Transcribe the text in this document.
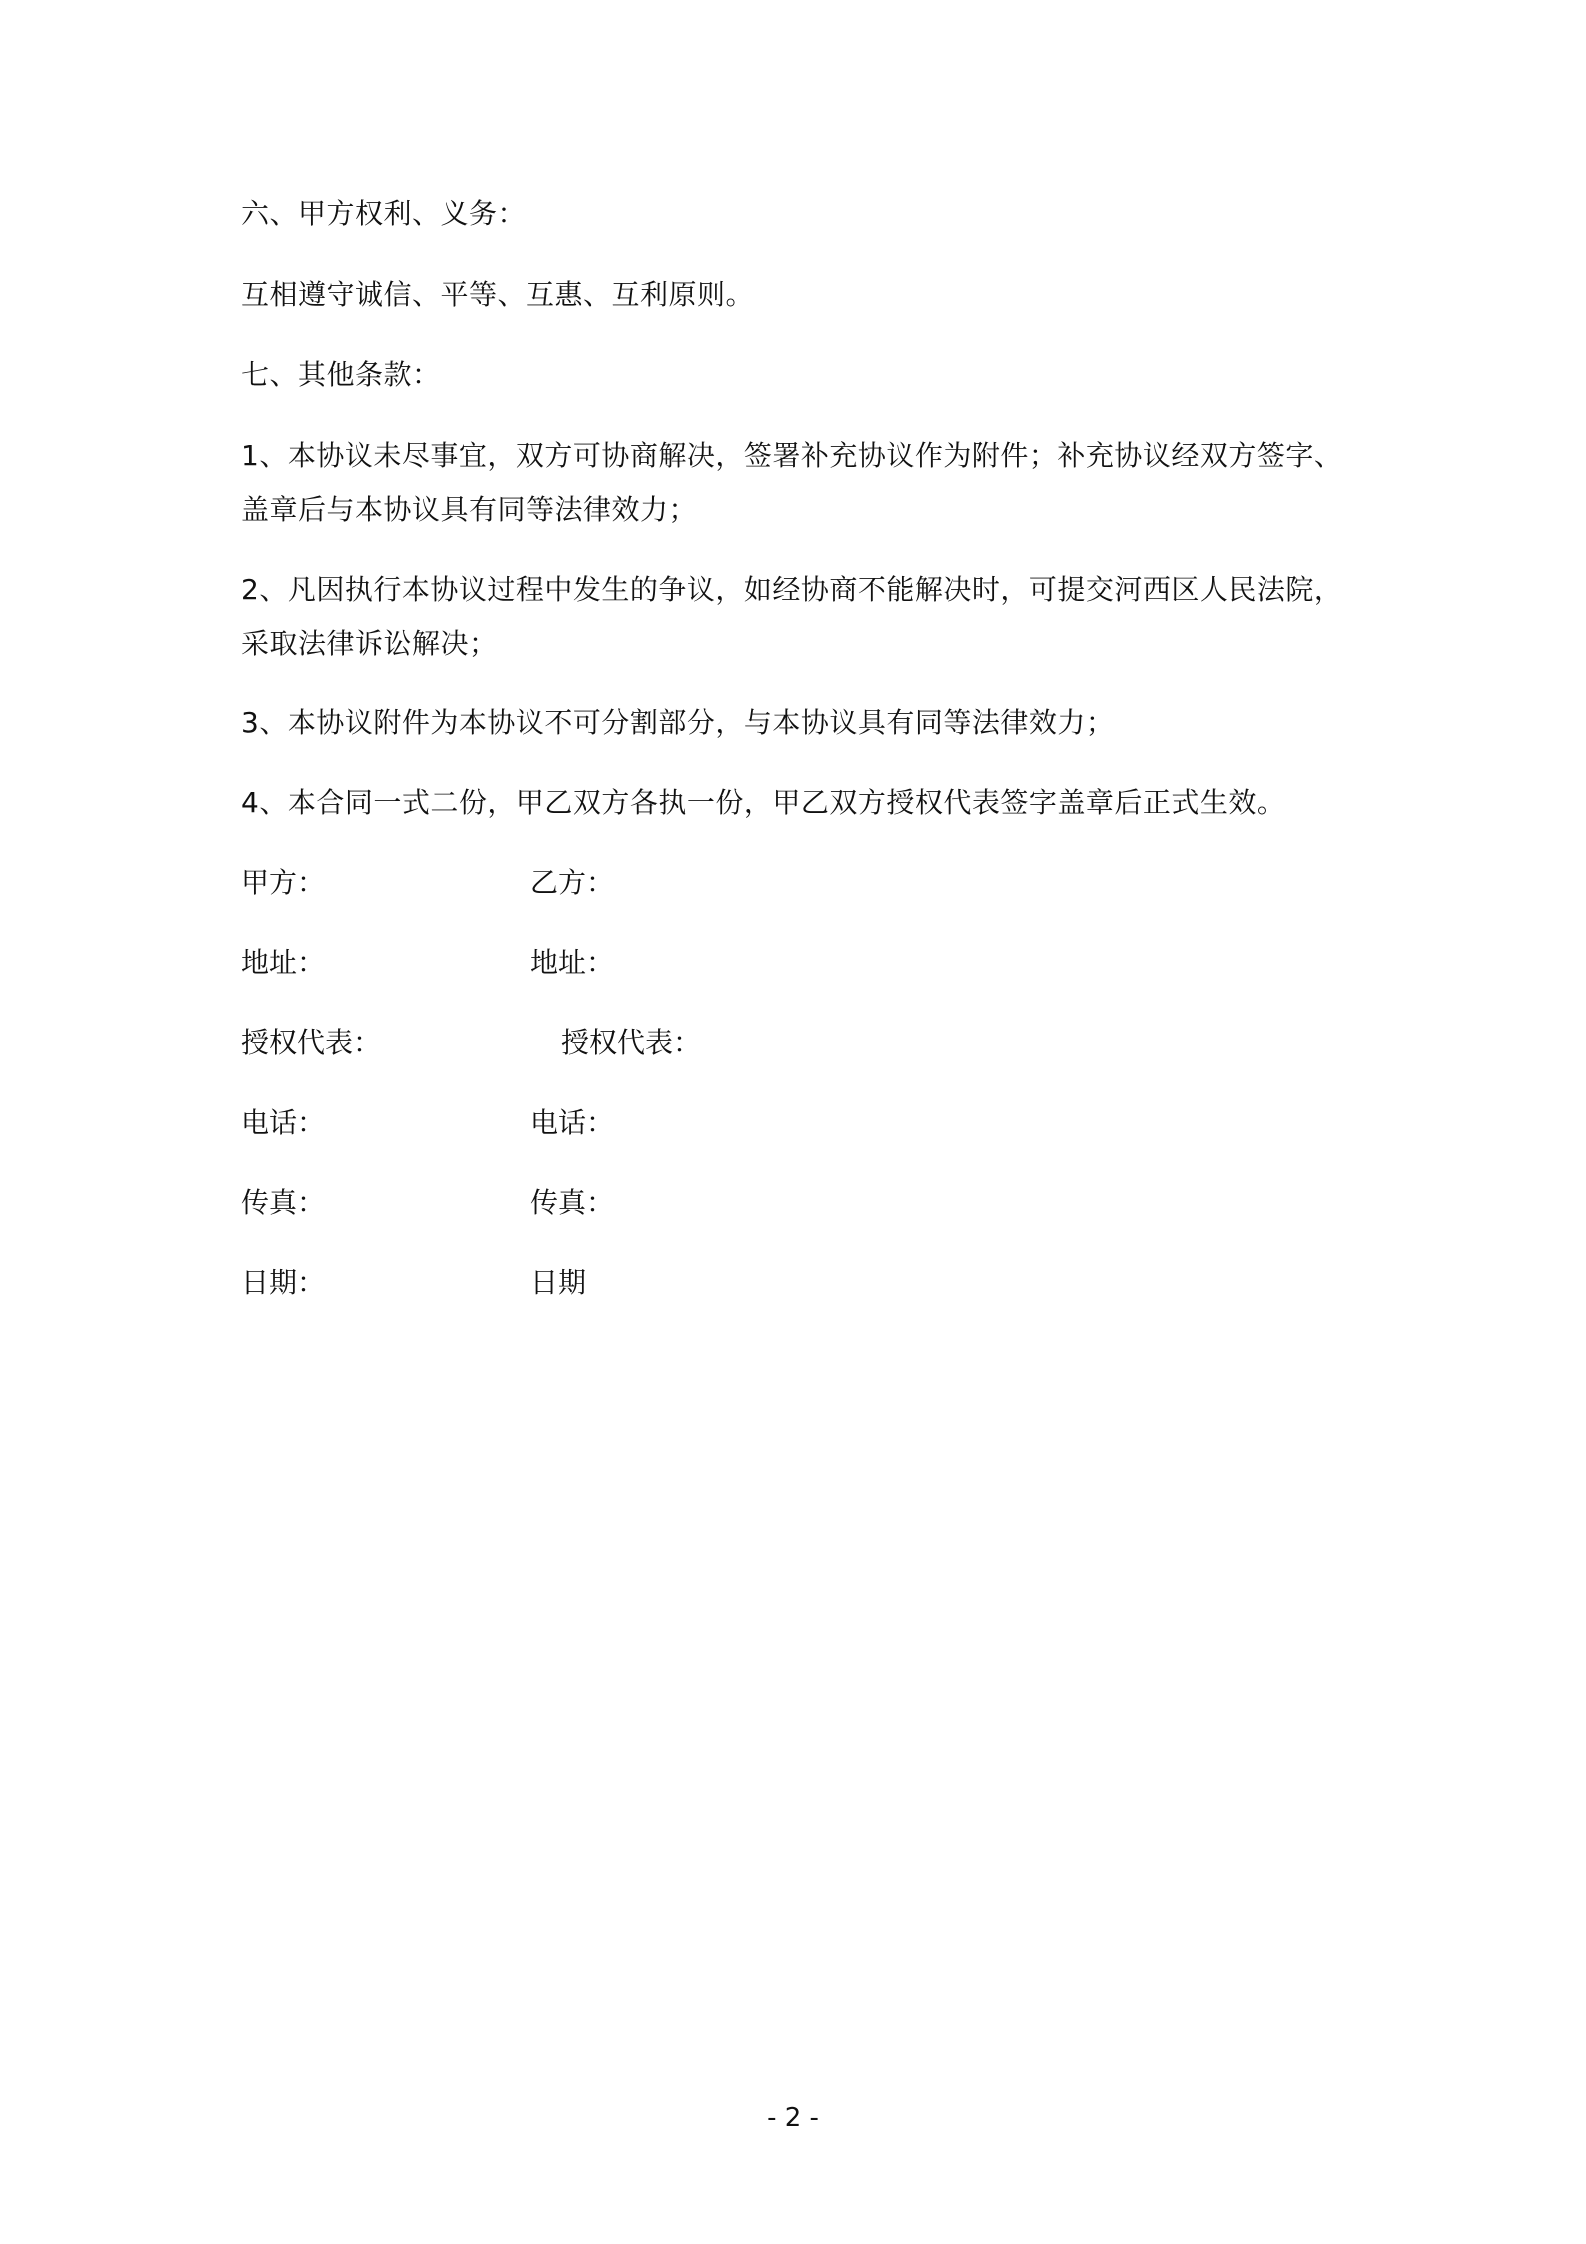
六、甲方权利、义务：
互相遵守诚信、平等、互惠、互利原则。
七、其他条款：
1、本协议未尽事宜，双方可协商解决，签署补充协议作为附件；补充协议经双方签字、
盖章后与本协议具有同等法律效力；
2、凡因执行本协议过程中发生的争议，如经协商不能解决时，可提交河西区人民法院，
采取法律诉讼解决；
3、本协议附件为本协议不可分割部分，与本协议具有同等法律效力；
4、本合同一式二份，甲乙双方各执一份，甲乙双方授权代表签字盖章后正式生效。
甲方：	乙方：
地址：	地址：
授权代表：	授权代表：
电话：	电话：
传真：	传真：
日期：	日期
- 2 -
